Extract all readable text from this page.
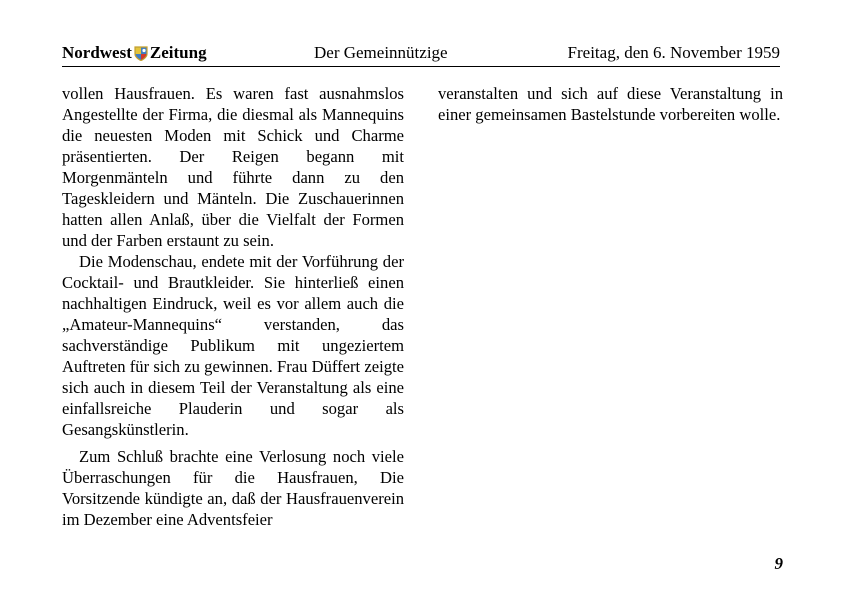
Nordwest Zeitung	Der Gemeinnützige	Freitag, den 6. November 1959

vollen Hausfrauen. Es waren fast ausnahmslos Angestellte der Firma, die diesmal als Mannequins die neuesten Moden mit Schick und Charme präsentierten. Der Reigen begann mit Morgenmänteln und führte dann zu den Tageskleidern und Mänteln. Die Zuschauerinnen hatten allen Anlaß, über die Vielfalt der Formen und der Farben erstaunt zu sein.

Die Modenschau, endete mit der Vorführung der Cocktail- und Brautkleider. Sie hinterließ einen nachhaltigen Eindruck, weil es vor allem auch die „Amateur-Mannequins“ verstanden, das sachverständige Publikum mit ungeziertem Auftreten für sich zu gewinnen. Frau Düffert zeigte sich auch in diesem Teil der Veranstaltung als eine einfallsreiche Plauderin und sogar als Gesangskünstlerin.

Zum Schluß brachte eine Verlosung noch viele Überraschungen für die Hausfrauen, Die Vorsitzende kündigte an, daß der Hausfrauenverein im Dezember eine Adventsfeier

veranstalten und sich auf diese Veranstaltung in einer gemeinsamen Bastelstunde vorbereiten wolle.

9
